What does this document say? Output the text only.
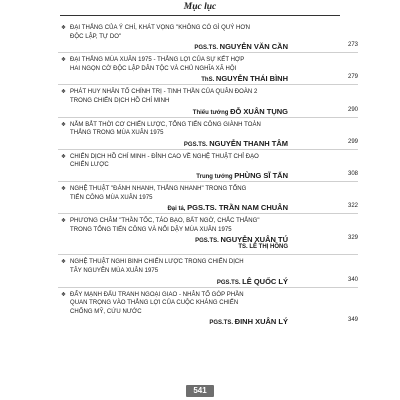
Mục lục
❖ ĐẠI THẮNG CỦA Ý CHÍ, KHÁT VỌNG "KHÔNG CÓ GÌ QUÝ HƠN
ĐỘC LẬP, TỰ DO"
PGS.TS. NGUYỄN VĂN CẦN	273
❖ ĐẠI THẮNG MÙA XUÂN 1975 - THẮNG LỢI CỦA SỰ KẾT HỢP
HAI NGỌN CỜ ĐỘC LẬP DÂN TỘC VÀ CHỦ NGHĨA XÃ HỘI
ThS. NGUYỄN THÁI BÌNH	279
❖ PHÁT HUY NHÂN TỐ CHÍNH TRỊ - TINH THẦN CỦA QUÂN ĐOÀN 2
TRONG CHIẾN DỊCH HỒ CHÍ MINH
Thiếu tướng ĐỖ XUÂN TỤNG	290
❖ NẮM BẮT THỜI CƠ CHIẾN LƯỢC, TỔNG TIẾN CÔNG GIÀNH TOÀN
THẮNG TRONG MÙA XUÂN 1975
PGS.TS. NGUYỄN THANH TÂM	299
❖ CHIẾN DỊCH HỒ CHÍ MINH - ĐỈNH CAO VỀ NGHỆ THUẬT CHỈ ĐẠO
CHIẾN LƯỢC
Trung tướng PHÙNG SĨ TẤN	308
❖ NGHỆ THUẬT "ĐÁNH NHANH, THẮNG NHANH" TRONG TỔNG
TIẾN CÔNG MÙA XUÂN 1975
Đại tá, PGS.TS. TRẦN NAM CHUÂN	322
❖ PHƯƠNG CHÂM "THẦN TỐC, TÁO BẠO, BẤT NGỜ, CHẮC THẮNG"
TRONG TỔNG TIẾN CÔNG VÀ NỔI DẬY MÙA XUÂN 1975
PGS.TS. NGUYỄN XUÂN TÚ	329
TS. LÊ THỊ HỒNG
❖ NGHỆ THUẬT NGHI BINH CHIẾN LƯỢC TRONG CHIẾN DỊCH
TÂY NGUYÊN MÙA XUÂN 1975
PGS.TS. LÊ QUỐC LÝ	340
❖ ĐẨY MẠNH ĐẤU TRANH NGOẠI GIAO - NHÂN TỐ GÓP PHẦN
QUAN TRỌNG VÀO THẮNG LỢI CỦA CUỘC KHÁNG CHIẾN
CHỐNG MỸ, CỨU NƯỚC
PGS.TS. ĐINH XUÂN LÝ	349
541
